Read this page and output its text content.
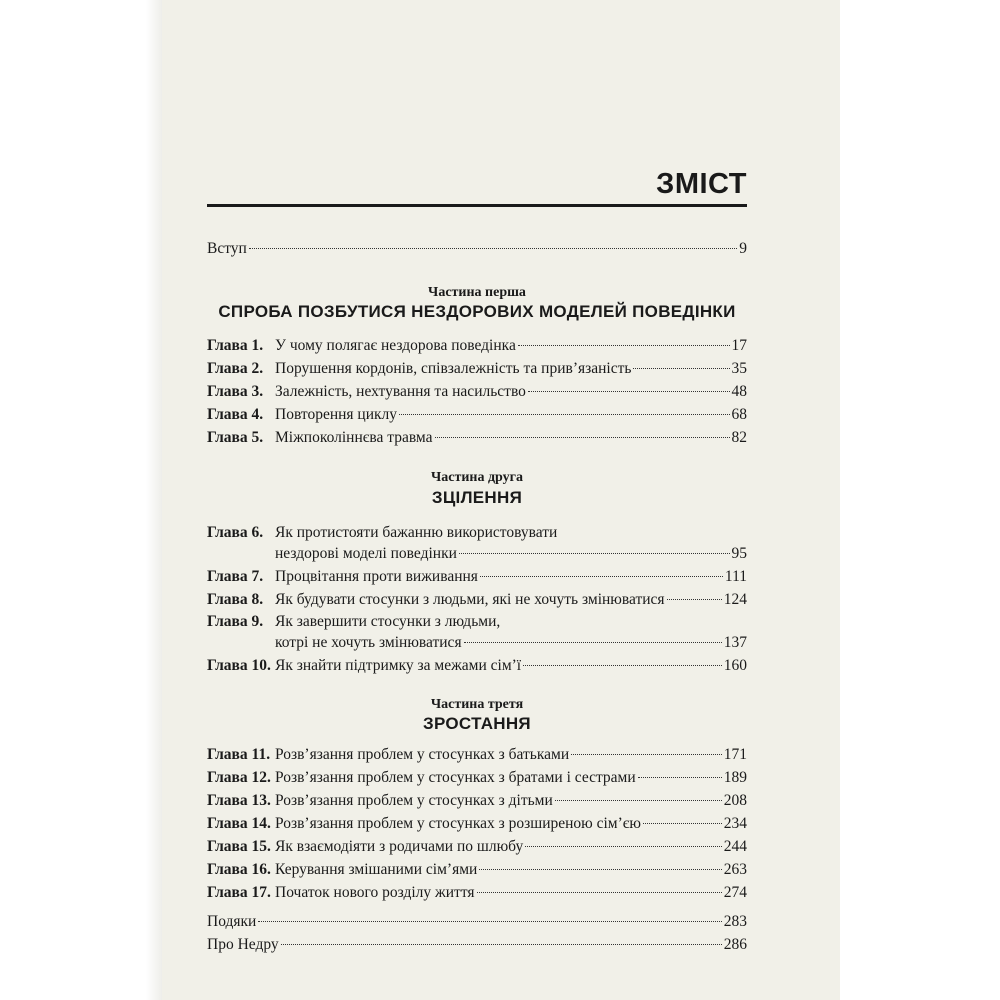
ЗМІСТ
Вступ	9
Частина перша
СПРОБА ПОЗБУТИСЯ НЕЗДОРОВИХ МОДЕЛЕЙ ПОВЕДІНКИ
Глава 1. У чому полягає нездорова поведінка	17
Глава 2. Порушення кордонів, співзалежність та прив’язаність	35
Глава 3. Залежність, нехтування та насильство	48
Глава 4. Повторення циклу	68
Глава 5. Міжпоколіннєва травма	82
Частина друга
ЗЦІЛЕННЯ
Глава 6. Як протистояти бажанню використовувати
нездорові моделі поведінки	95
Глава 7. Процвітання проти виживання	111
Глава 8. Як будувати стосунки з людьми, які не хочуть змінюватися	124
Глава 9. Як завершити стосунки з людьми,
котрі не хочуть змінюватися	137
Глава 10. Як знайти підтримку за межами сім’ї	160
Частина третя
ЗРОСТАННЯ
Глава 11. Розв’язання проблем у стосунках з батьками	171
Глава 12. Розв’язання проблем у стосунках з братами і сестрами	189
Глава 13. Розв’язання проблем у стосунках з дітьми	208
Глава 14. Розв’язання проблем у стосунках з розширеною сім’єю	234
Глава 15. Як взаємодіяти з родичами по шлюбу	244
Глава 16. Керування змішаними сім’ями	263
Глава 17. Початок нового розділу життя	274
Подяки	283
Про Недру	286
